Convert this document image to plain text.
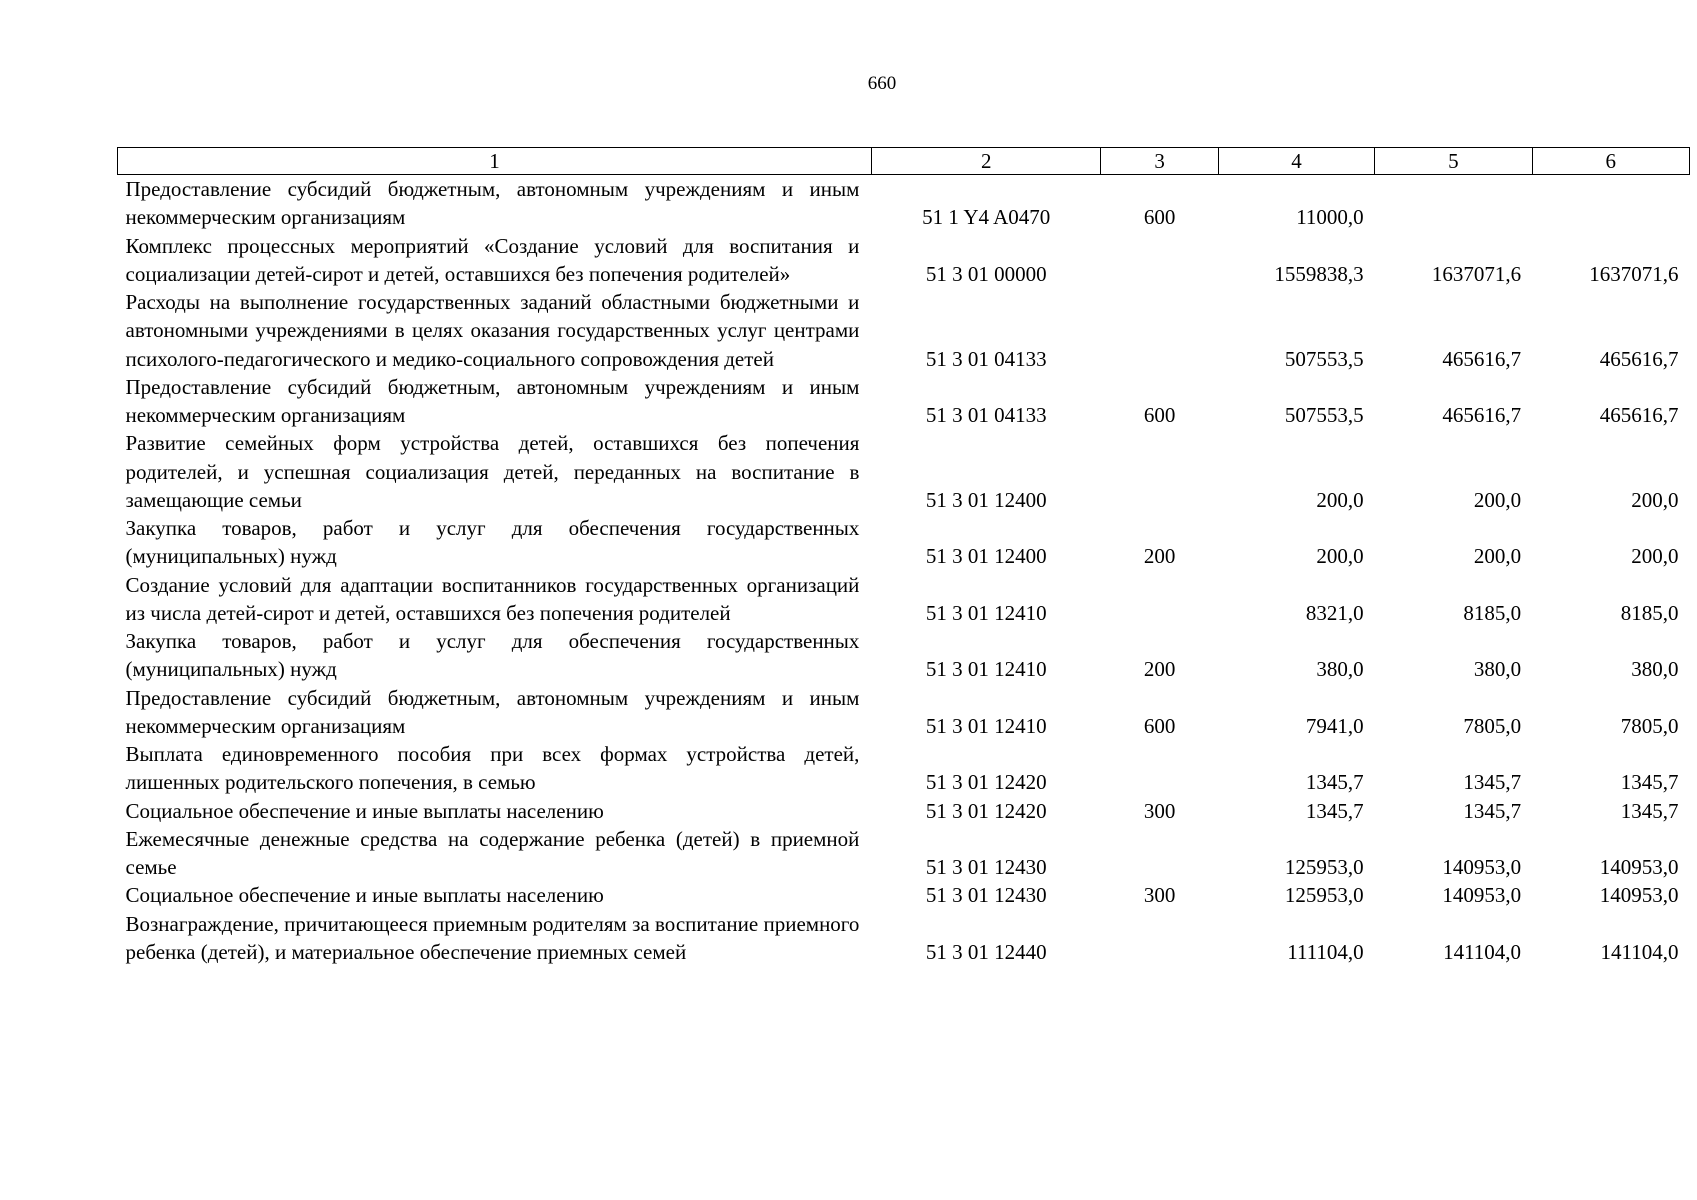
660
1	2	3	4	5	6
Предоставление субсидий бюджетным, автономным учреждениям и иным некоммерческим организациям	51 1 Y4 A0470	600	11000,0		
Комплекс процессных мероприятий «Создание условий для воспитания и социализации детей-сирот и детей, оставшихся без попечения родителей»	51 3 01 00000		1559838,3	1637071,6	1637071,6
Расходы на выполнение государственных заданий областными бюджетными и автономными учреждениями в целях оказания государственных услуг центрами психолого-педагогического и медико-социального сопровождения детей	51 3 01 04133		507553,5	465616,7	465616,7
Предоставление субсидий бюджетным, автономным учреждениям и иным некоммерческим организациям	51 3 01 04133	600	507553,5	465616,7	465616,7
Развитие семейных форм устройства детей, оставшихся без попечения родителей, и успешная социализация детей, переданных на воспитание в замещающие семьи	51 3 01 12400		200,0	200,0	200,0
Закупка товаров, работ и услуг для обеспечения государственных (муниципальных) нужд	51 3 01 12400	200	200,0	200,0	200,0
Создание условий для адаптации воспитанников государственных организаций из числа детей-сирот и детей, оставшихся без попечения родителей	51 3 01 12410		8321,0	8185,0	8185,0
Закупка товаров, работ и услуг для обеспечения государственных (муниципальных) нужд	51 3 01 12410	200	380,0	380,0	380,0
Предоставление субсидий бюджетным, автономным учреждениям и иным некоммерческим организациям	51 3 01 12410	600	7941,0	7805,0	7805,0
Выплата единовременного пособия при всех формах устройства детей, лишенных родительского попечения, в семью	51 3 01 12420		1345,7	1345,7	1345,7
Социальное обеспечение и иные выплаты населению	51 3 01 12420	300	1345,7	1345,7	1345,7
Ежемесячные денежные средства на содержание ребенка (детей) в приемной семье	51 3 01 12430		125953,0	140953,0	140953,0
Социальное обеспечение и иные выплаты населению	51 3 01 12430	300	125953,0	140953,0	140953,0
Вознаграждение, причитающееся приемным родителям за воспитание приемного ребенка (детей), и материальное обеспечение приемных семей	51 3 01 12440		111104,0	141104,0	141104,0
